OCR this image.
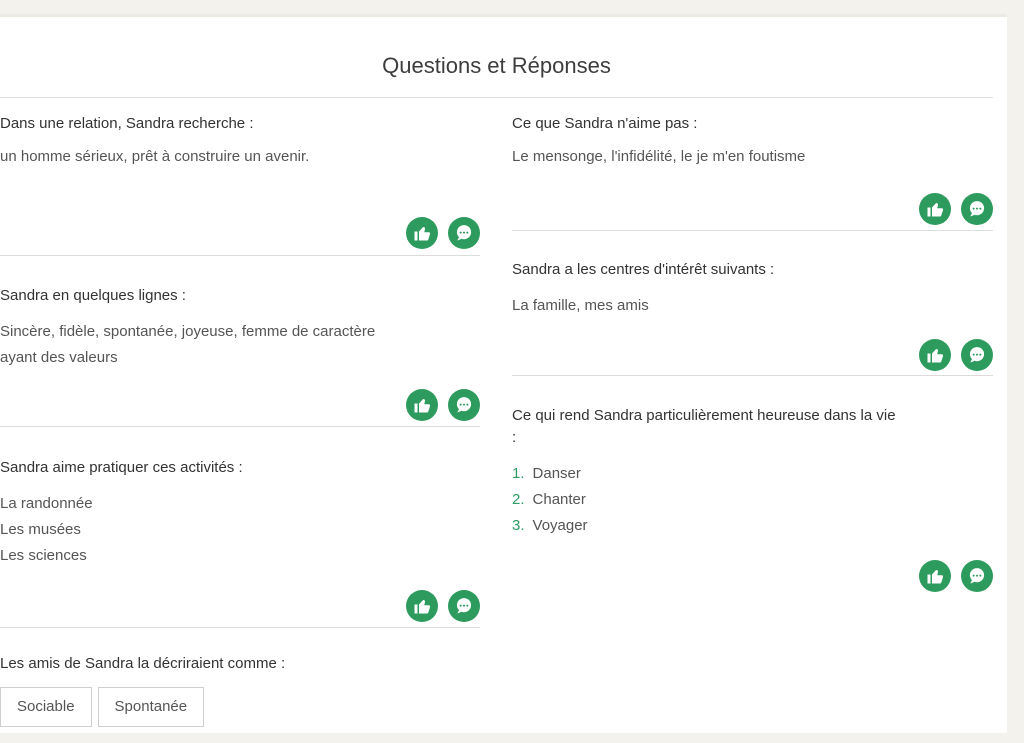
Questions et Réponses
Dans une relation, Sandra recherche :

un homme sérieux, prêt à construire un avenir.

Sandra en quelques lignes :

Sincère, fidèle, spontanée, joyeuse, femme de caractère
ayant des valeurs

Sandra aime pratiquer ces activités :

La randonnée
Les musées
Les sciences

Les amis de Sandra la décriraient comme :
Sociable	Spontanée
Ce que Sandra n'aime pas :

Le mensonge, l'infidélité, le je m'en foutisme

Sandra a les centres d'intérêt suivants :

La famille, mes amis

Ce qui rend Sandra particulièrement heureuse dans la vie
:
1. Danser
2. Chanter
3. Voyager
